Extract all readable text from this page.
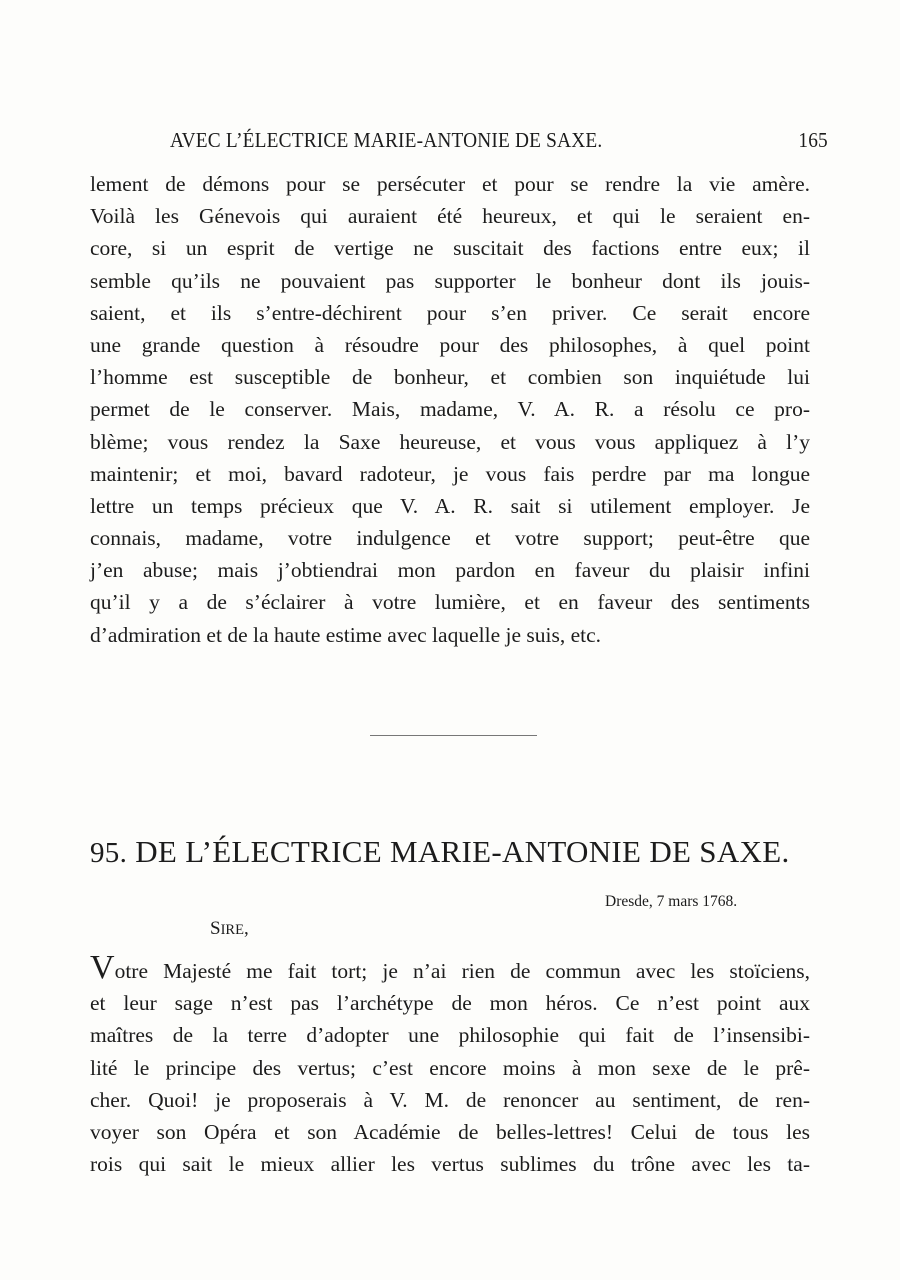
AVEC L’ÉLECTRICE MARIE-ANTONIE DE SAXE.	165
lement de démons pour se persécuter et pour se rendre la vie amère.
Voilà les Génevois qui auraient été heureux, et qui le seraient en-
core, si un esprit de vertige ne suscitait des factions entre eux; il
semble qu’ils ne pouvaient pas supporter le bonheur dont ils jouis-
saient, et ils s’entre-déchirent pour s’en priver. Ce serait encore
une grande question à résoudre pour des philosophes, à quel point
l’homme est susceptible de bonheur, et combien son inquiétude lui
permet de le conserver. Mais, madame, V. A. R. a résolu ce pro-
blème; vous rendez la Saxe heureuse, et vous vous appliquez à l’y
maintenir; et moi, bavard radoteur, je vous fais perdre par ma longue
lettre un temps précieux que V. A. R. sait si utilement employer. Je
connais, madame, votre indulgence et votre support; peut-être que
j’en abuse; mais j’obtiendrai mon pardon en faveur du plaisir infini
qu’il y a de s’éclairer à votre lumière, et en faveur des sentiments
d’admiration et de la haute estime avec laquelle je suis, etc.
95. DE L’ÉLECTRICE MARIE-ANTONIE DE SAXE.
Dresde, 7 mars 1768.
SIRE,
Votre Majesté me fait tort; je n’ai rien de commun avec les stoïciens,
et leur sage n’est pas l’archétype de mon héros. Ce n’est point aux
maîtres de la terre d’adopter une philosophie qui fait de l’insensibi-
lité le principe des vertus; c’est encore moins à mon sexe de le prê-
cher. Quoi! je proposerais à V. M. de renoncer au sentiment, de ren-
voyer son Opéra et son Académie de belles-lettres! Celui de tous les
rois qui sait le mieux allier les vertus sublimes du trône avec les ta-
